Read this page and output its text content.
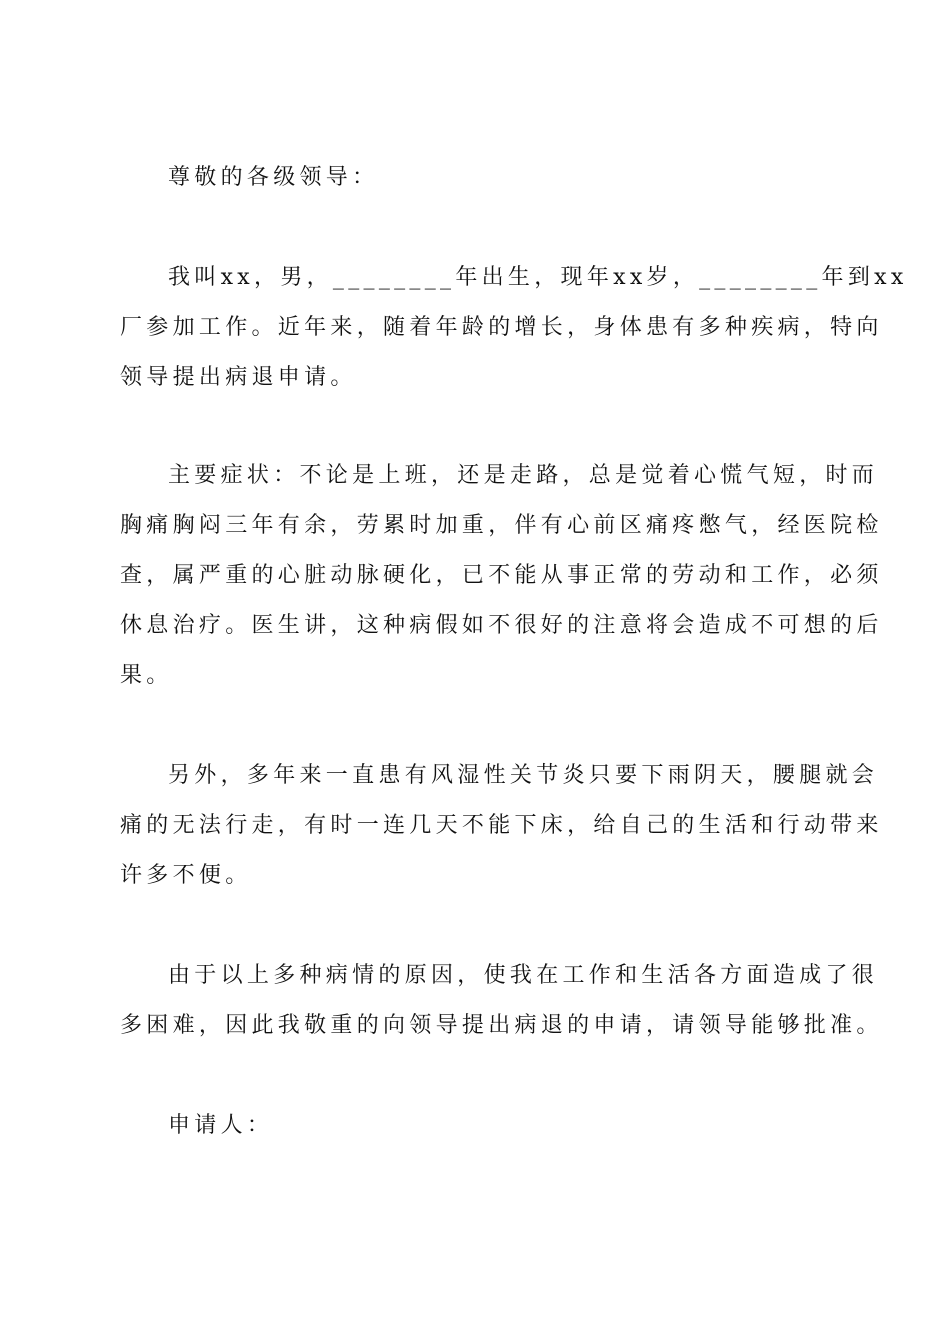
尊敬的各级领导：
我叫xx，男，________年出生，现年xx岁，________年到xx
厂参加工作。近年来，随着年龄的增长，身体患有多种疾病，特向
领导提出病退申请。
主要症状：不论是上班，还是走路，总是觉着心慌气短，时而
胸痛胸闷三年有余，劳累时加重，伴有心前区痛疼憋气，经医院检
查，属严重的心脏动脉硬化，已不能从事正常的劳动和工作，必须
休息治疗。医生讲，这种病假如不很好的注意将会造成不可想的后
果。
另外，多年来一直患有风湿性关节炎只要下雨阴天，腰腿就会
痛的无法行走，有时一连几天不能下床，给自己的生活和行动带来
许多不便。
由于以上多种病情的原因，使我在工作和生活各方面造成了很
多困难，因此我敬重的向领导提出病退的申请，请领导能够批准。
申请人：
